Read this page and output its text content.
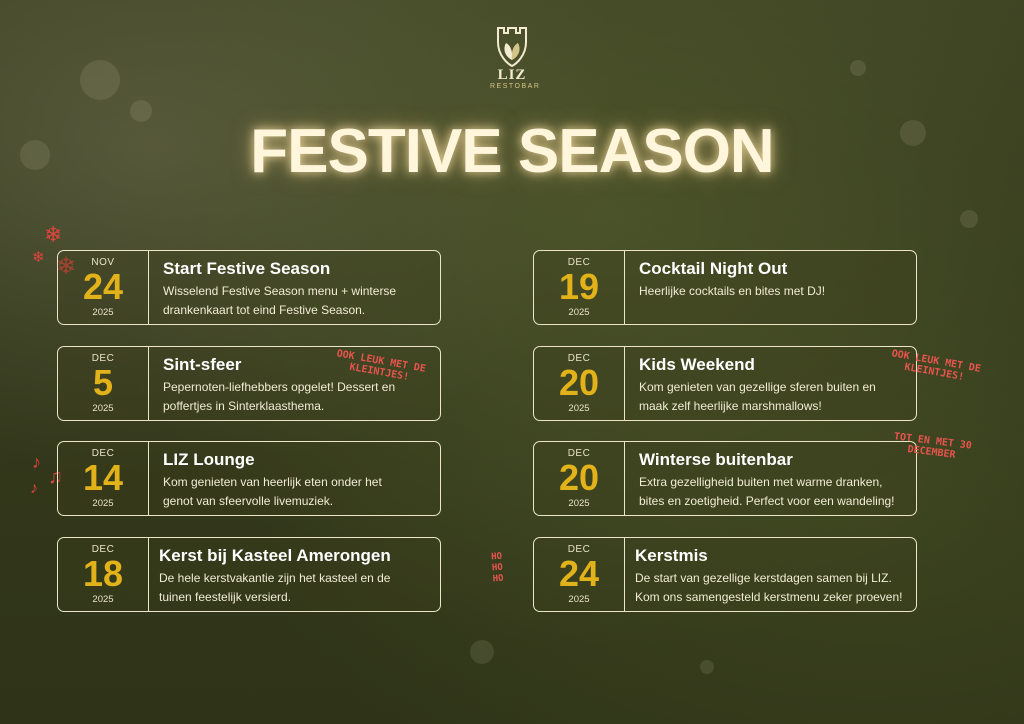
LIZ
RESTOBAR
FESTIVE SEASON
❄
❄ ❄
♪
♫
♪
NOV
24
2025
Start Festive Season
Wisselend Festive Season menu + winterse drankenkaart tot eind Festive Season.
DEC
19
2025
Cocktail Night Out
Heerlijke cocktails en bites met DJ!
DEC
5
2025
Sint-sfeer
Pepernoten-liefhebbers opgelet! Dessert en poffertjes in Sinterklaasthema.
DEC
20
2025
Kids Weekend
Kom genieten van gezellige sferen buiten en maak zelf heerlijke marshmallows!
DEC
14
2025
LIZ Lounge
Kom genieten van heerlijk eten onder het genot van sfeervolle livemuziek.
DEC
20
2025
Winterse buitenbar
Extra gezelligheid buiten met warme dranken, bites en zoetigheid. Perfect voor een wandeling!
DEC
18
2025
Kerst bij Kasteel Amerongen
De hele kerstvakantie zijn het kasteel en de tuinen feestelijk versierd.
DEC
24
2025
Kerstmis
De start van gezellige kerstdagen samen bij LIZ. Kom ons samengesteld kerstmenu zeker proeven!
OOK LEUK MET DE
KLEINTJES!	OOK LEUK MET DE
KLEINTJES!
TOT EN MET 30
DECEMBER
HO
HO
HO
